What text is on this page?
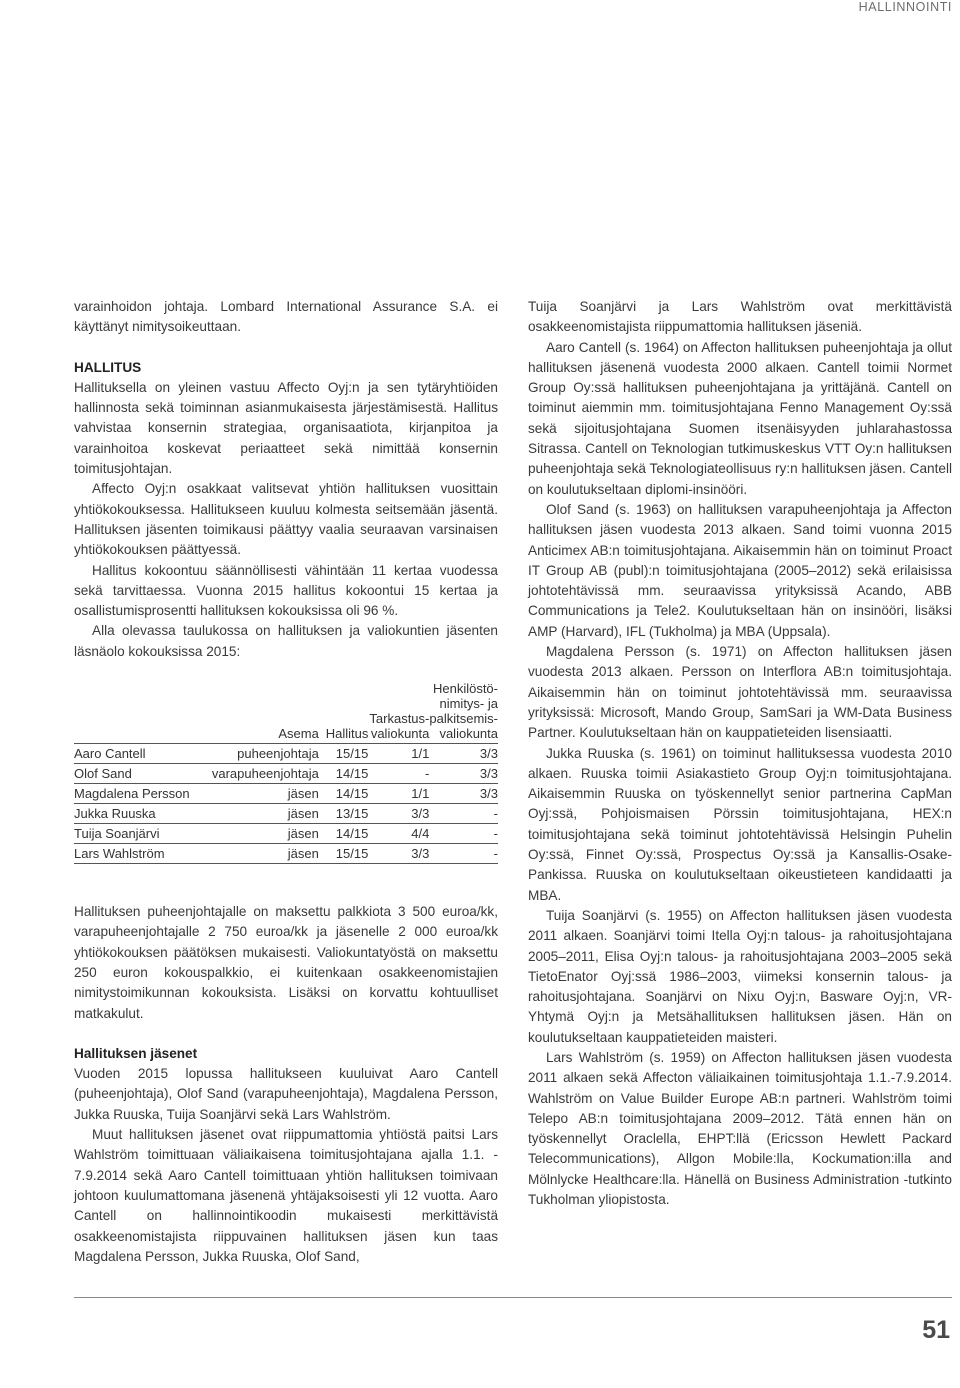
HALLINNOINTI

varainhoidon johtaja. Lombard International Assurance S.A. ei käyttänyt nimitysoikeuttaan.

HALLITUS

Hallituksella on yleinen vastuu Affecto Oyj:n ja sen tytäryhtiöiden hallinnosta sekä toiminnan asianmukaisesta järjestämisestä. Hallitus vahvistaa konsernin strategiaa, organisaatiota, kirjanpitoa ja varainhoitoa koskevat periaatteet sekä nimittää konsernin toimitusjohtajan.

Affecto Oyj:n osakkaat valitsevat yhtiön hallituksen vuosittain yhtiökokouksessa. Hallitukseen kuuluu kolmesta seitsemään jäsentä. Hallituksen jäsenten toimikausi päättyy vaalia seuraavan varsinaisen yhtiökokouksen päättyessä.

Hallitus kokoontuu säännöllisesti vähintään 11 kertaa vuodessa sekä tarvittaessa. Vuonna 2015 hallitus kokoontui 15 kertaa ja osallistumisprosentti hallituksen kokouksissa oli 96 %.

Alla olevassa taulukossa on hallituksen ja valiokuntien jäsenten läsnäolo kokouksissa 2015:

	Asema	Hallitus	Tarkastus-valiokunta	Henkilöstö-nimitys- ja palkitsemis-valiokunta
Aaro Cantell	puheenjohtaja	15/15	1/1	3/3
Olof Sand	varapuheenjohtaja	14/15	-	3/3
Magdalena Persson	jäsen	14/15	1/1	3/3
Jukka Ruuska	jäsen	13/15	3/3	-
Tuija Soanjärvi	jäsen	14/15	4/4	-
Lars Wahlström	jäsen	15/15	3/3	-

Hallituksen puheenjohtajalle on maksettu palkkiota 3 500 euroa/kk, varapuheenjohtajalle 2 750 euroa/kk ja jäsenelle 2 000 euroa/kk yhtiökokouksen päätöksen mukaisesti. Valiokuntatyöstä on maksettu 250 euron kokouspalkkio, ei kuitenkaan osakkeenomistajien nimitystoimikunnan kokouksista. Lisäksi on korvattu kohtuulliset matkakulut.

Hallituksen jäsenet

Vuoden 2015 lopussa hallitukseen kuuluivat Aaro Cantell (puheenjohtaja), Olof Sand (varapuheenjohtaja), Magdalena Persson, Jukka Ruuska, Tuija Soanjärvi sekä Lars Wahlström.

Muut hallituksen jäsenet ovat riippumattomia yhtiöstä paitsi Lars Wahlström toimittuaan väliaikaisena toimitusjohtajana ajalla 1.1. - 7.9.2014 sekä Aaro Cantell toimittuaan yhtiön hallituksen toimivaan johtoon kuulumattomana jäsenenä yhtäjaksoisesti yli 12 vuotta. Aaro Cantell on hallinnointikoodin mukaisesti merkittävistä osakkeenomistajista riippuvainen hallituksen jäsen kun taas Magdalena Persson, Jukka Ruuska, Olof Sand,

Tuija Soanjärvi ja Lars Wahlström ovat merkittävistä osakkeenomistajista riippumattomia hallituksen jäseniä.

Aaro Cantell (s. 1964) on Affecton hallituksen puheenjohtaja ja ollut hallituksen jäsenenä vuodesta 2000 alkaen. Cantell toimii Normet Group Oy:ssä hallituksen puheenjohtajana ja yrittäjänä. Cantell on toiminut aiemmin mm. toimitusjohtajana Fenno Management Oy:ssä sekä sijoitusjohtajana Suomen itsenäisyyden juhlarahastossa Sitrassa. Cantell on Teknologian tutkimuskeskus VTT Oy:n hallituksen puheenjohtaja sekä Teknologiateollisuus ry:n hallituksen jäsen. Cantell on koulutukseltaan diplomi-insinööri.

Olof Sand (s. 1963) on hallituksen varapuheenjohtaja ja Affecton hallituksen jäsen vuodesta 2013 alkaen. Sand toimi vuonna 2015 Anticimex AB:n toimitusjohtajana. Aikaisemmin hän on toiminut Proact IT Group AB (publ):n toimitusjohtajana (2005–2012) sekä erilaisissa johtotehtävissä mm. seuraavissa yrityksissä Acando, ABB Communications ja Tele2. Koulutukseltaan hän on insinööri, lisäksi AMP (Harvard), IFL (Tukholma) ja MBA (Uppsala).

Magdalena Persson (s. 1971) on Affecton hallituksen jäsen vuodesta 2013 alkaen. Persson on Interflora AB:n toimitusjohtaja. Aikaisemmin hän on toiminut johtotehtävissä mm. seuraavissa yrityksissä: Microsoft, Mando Group, SamSari ja WM-Data Business Partner. Koulutukseltaan hän on kauppatieteiden lisensiaatti.

Jukka Ruuska (s. 1961) on toiminut hallituksessa vuodesta 2010 alkaen. Ruuska toimii Asiakastieto Group Oyj:n toimitusjohtajana. Aikaisemmin Ruuska on työskennellyt senior partnerina CapMan Oyj:ssä, Pohjoismaisen Pörssin toimitusjohtajana, HEX:n toimitusjohtajana sekä toiminut johtotehtävissä Helsingin Puhelin Oy:ssä, Finnet Oy:ssä, Prospectus Oy:ssä ja Kansallis-Osake-Pankissa. Ruuska on koulutukseltaan oikeustieteen kandidaatti ja MBA.

Tuija Soanjärvi (s. 1955) on Affecton hallituksen jäsen vuodesta 2011 alkaen. Soanjärvi toimi Itella Oyj:n talous- ja rahoitusjohtajana 2005–2011, Elisa Oyj:n talous- ja rahoitusjohtajana 2003–2005 sekä TietoEnator Oyj:ssä 1986–2003, viimeksi konsernin talous- ja rahoitusjohtajana. Soanjärvi on Nixu Oyj:n, Basware Oyj:n, VR-Yhtymä Oyj:n ja Metsähallituksen hallituksen jäsen. Hän on koulutukseltaan kauppatieteiden maisteri.

Lars Wahlström (s. 1959) on Affecton hallituksen jäsen vuodesta 2011 alkaen sekä Affecton väliaikainen toimitusjohtaja 1.1.-7.9.2014. Wahlström on Value Builder Europe AB:n partneri. Wahlström toimi Telepo AB:n toimitusjohtajana 2009–2012. Tätä ennen hän on työskennellyt Oraclella, EHPT:llä (Ericsson Hewlett Packard Telecommunications), Allgon Mobile:lla, Kockumation:illa and Mölnlycke Healthcare:lla. Hänellä on Business Administration -tutkinto Tukholman yliopistosta.

51
